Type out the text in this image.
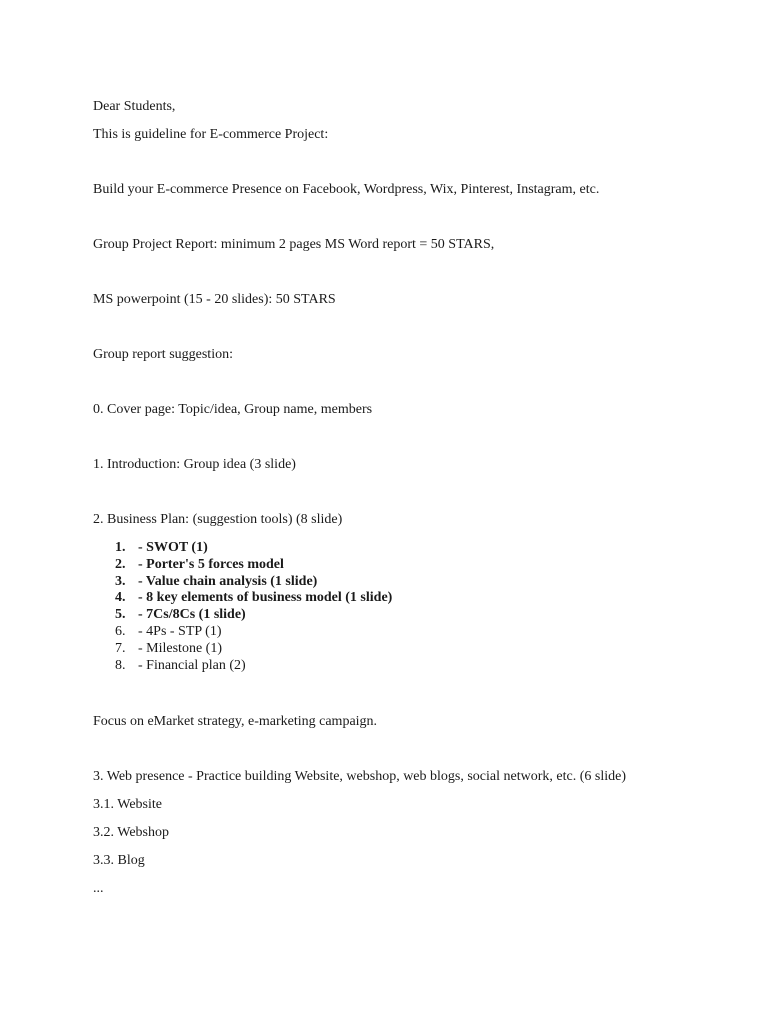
Dear Students,

This is guideline for E-commerce Project:

Build your E-commerce Presence on Facebook, Wordpress, Wix, Pinterest, Instagram, etc.

Group Project Report: minimum 2 pages MS Word report = 50 STARS,

MS powerpoint (15 - 20 slides): 50 STARS

Group report suggestion:

0. Cover page: Topic/idea, Group name, members

1. Introduction: Group idea (3 slide)

2. Business Plan: (suggestion tools) (8 slide)

1. - SWOT (1)
2. - Porter's 5 forces model
3. - Value chain analysis (1 slide)
4. - 8 key elements of business model (1 slide)
5. - 7Cs/8Cs (1 slide)
6. - 4Ps - STP (1)
7. - Milestone (1)
8. - Financial plan (2)

Focus on eMarket strategy, e-marketing campaign.

3. Web presence - Practice building Website, webshop, web blogs, social network, etc. (6 slide)

3.1. Website

3.2. Webshop

3.3. Blog

...
